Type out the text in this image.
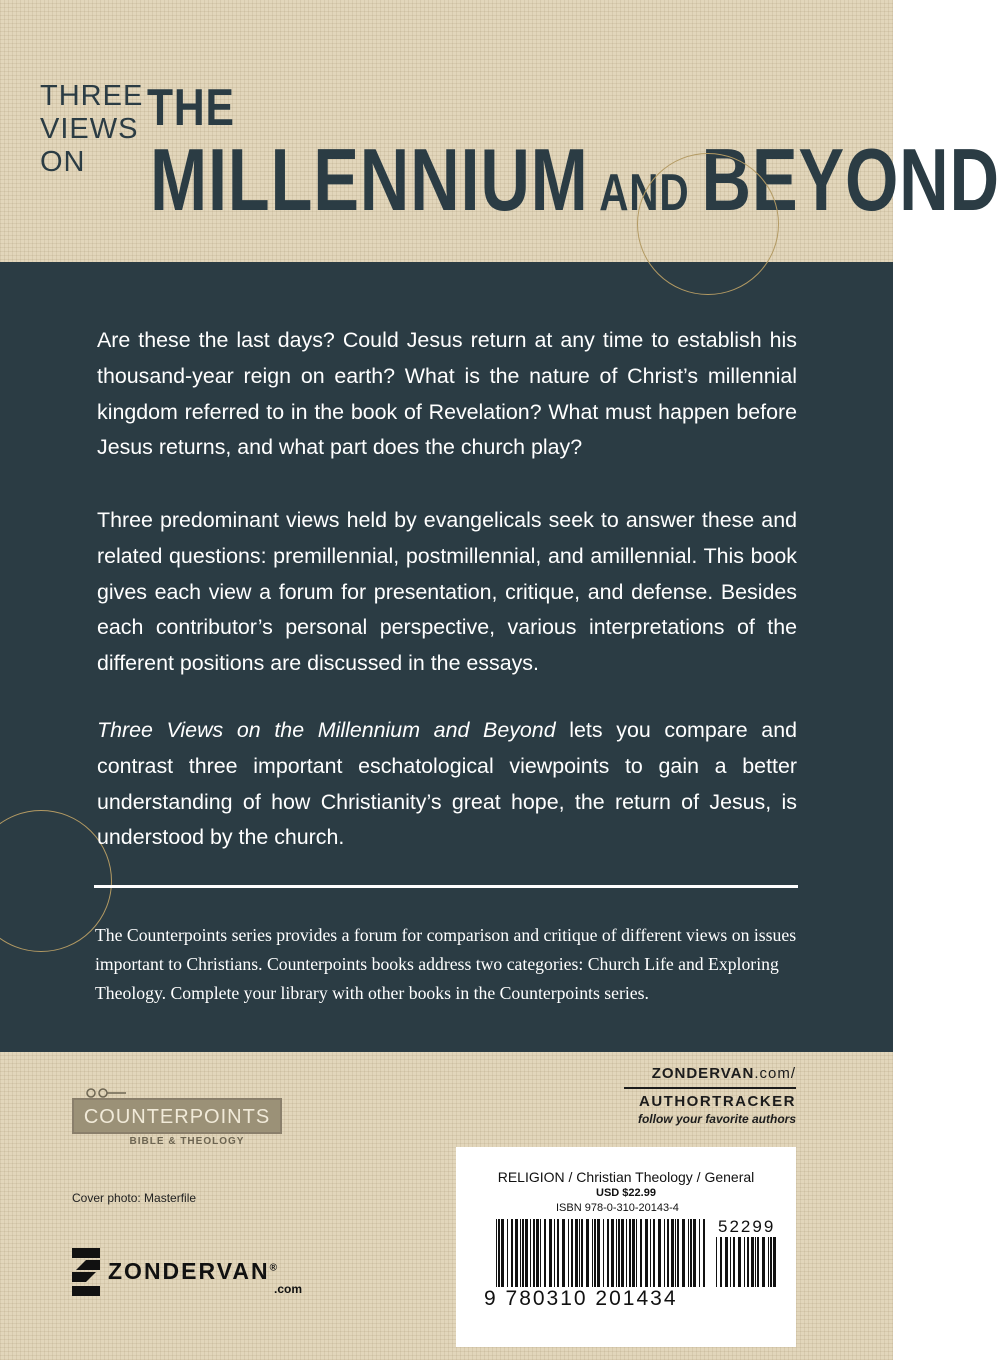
THREE
VIEWS
ON
THE
MILLENNIUM AND BEYOND

Are these the last days? Could Jesus return at any time to establish his thousand-year reign on earth? What is the nature of Christ’s millennial kingdom referred to in the book of Revelation? What must happen before Jesus returns, and what part does the church play?

Three predominant views held by evangelicals seek to answer these and related questions: premillennial, postmillennial, and amillennial. This book gives each view a forum for presentation, critique, and defense. Besides each contributor’s personal perspective, various interpretations of the different positions are discussed in the essays.

Three Views on the Millennium and Beyond lets you compare and contrast three important eschatological viewpoints to gain a better understanding of how Christianity’s great hope, the return of Jesus, is understood by the church.

The Counterpoints series provides a forum for comparison and critique of different views on issues important to Christians. Counterpoints books address two categories: Church Life and Exploring Theology. Complete your library with other books in the Counterpoints series.

COUNTERPOINTS
BIBLE & THEOLOGY
Cover photo: Masterfile
ZONDERVAN®
.com
ZONDERVAN.com/
AUTHORTRACKER
follow your favorite authors
RELIGION / Christian Theology / General
USD $22.99
ISBN 978-0-310-20143-4
52299
9 780310 201434
